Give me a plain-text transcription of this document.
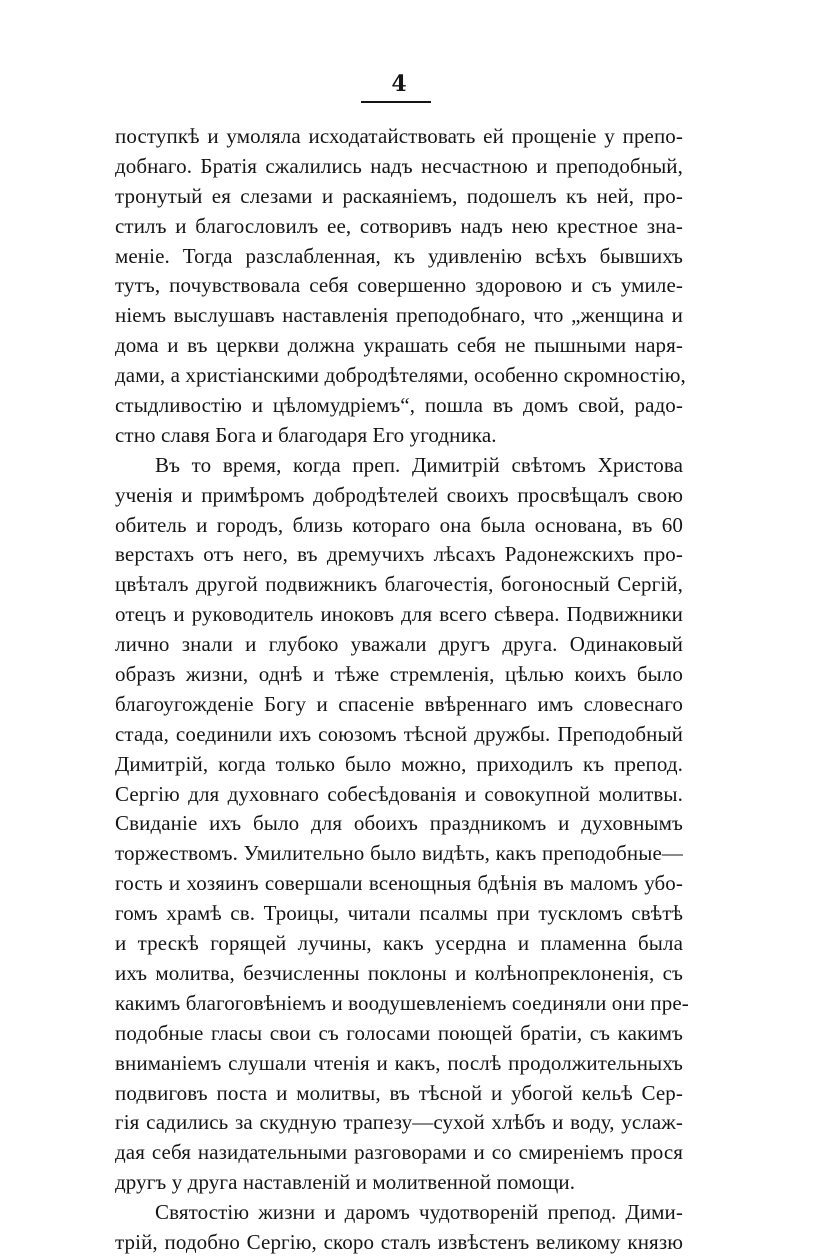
4
поступкѣ и умоляла исходатайствовать ей прощеніе у препо-
добнаго. Братія сжалились надъ несчастною и преподобный,
тронутый ея слезами и раскаяніемъ, подошелъ къ ней, про-
стилъ и благословилъ ее, сотворивъ надъ нею крестное зна-
меніе. Тогда разслабленная, къ удивленію всѣхъ бывшихъ
тутъ, почувствовала себя совершенно здоровою и съ умиле-
ніемъ выслушавъ наставленія преподобнаго, что „женщина и
дома и въ церкви должна украшать себя не пышными наря-
дами, а христіанскими добродѣтелями, особенно скромностію,
стыдливостію и цѣломудріемъ“, пошла въ домъ свой, радо-
стно славя Бога и благодаря Его угодника.
Въ то время, когда преп. Димитрій свѣтомъ Христова
ученія и примѣромъ добродѣтелей своихъ просвѣщалъ свою
обитель и городъ, близь котораго она была основана, въ 60
верстахъ отъ него, въ дремучихъ лѣсахъ Радонежскихъ про-
цвѣталъ другой подвижникъ благочестія, богоносный Сергій,
отецъ и руководитель иноковъ для всего сѣвера. Подвижники
лично знали и глубоко уважали другъ друга. Одинаковый
образъ жизни, однѣ и тѣже стремленія, цѣлью коихъ было
благоугожденіе Богу и спасеніе ввѣреннаго имъ словеснаго
стада, соединили ихъ союзомъ тѣсной дружбы. Преподобный
Димитрій, когда только было можно, приходилъ къ препод.
Сергію для духовнаго собесѣдованія и совокупной молитвы.
Свиданіе ихъ было для обоихъ праздникомъ и духовнымъ
торжествомъ. Умилительно было видѣть, какъ преподобные—
гость и хозяинъ совершали всенощныя бдѣнія въ маломъ убо-
гомъ храмѣ св. Троицы, читали псалмы при тускломъ свѣтѣ
и трескѣ горящей лучины, какъ усердна и пламенна была
ихъ молитва, безчисленны поклоны и колѣнопреклоненія, съ
какимъ благоговѣніемъ и воодушевленіемъ соединяли они пре-
подобные гласы свои съ голосами поющей братіи, съ какимъ
вниманіемъ слушали чтенія и какъ, послѣ продолжительныхъ
подвиговъ поста и молитвы, въ тѣсной и убогой кельѣ Сер-
гія садились за скудную трапезу—сухой хлѣбъ и воду, услаж-
дая себя назидательными разговорами и со смиреніемъ прося
другъ у друга наставленій и молитвенной помощи.
Святостію жизни и даромъ чудотвореній препод. Дими-
трій, подобно Сергію, скоро сталъ извѣстенъ великому князю
